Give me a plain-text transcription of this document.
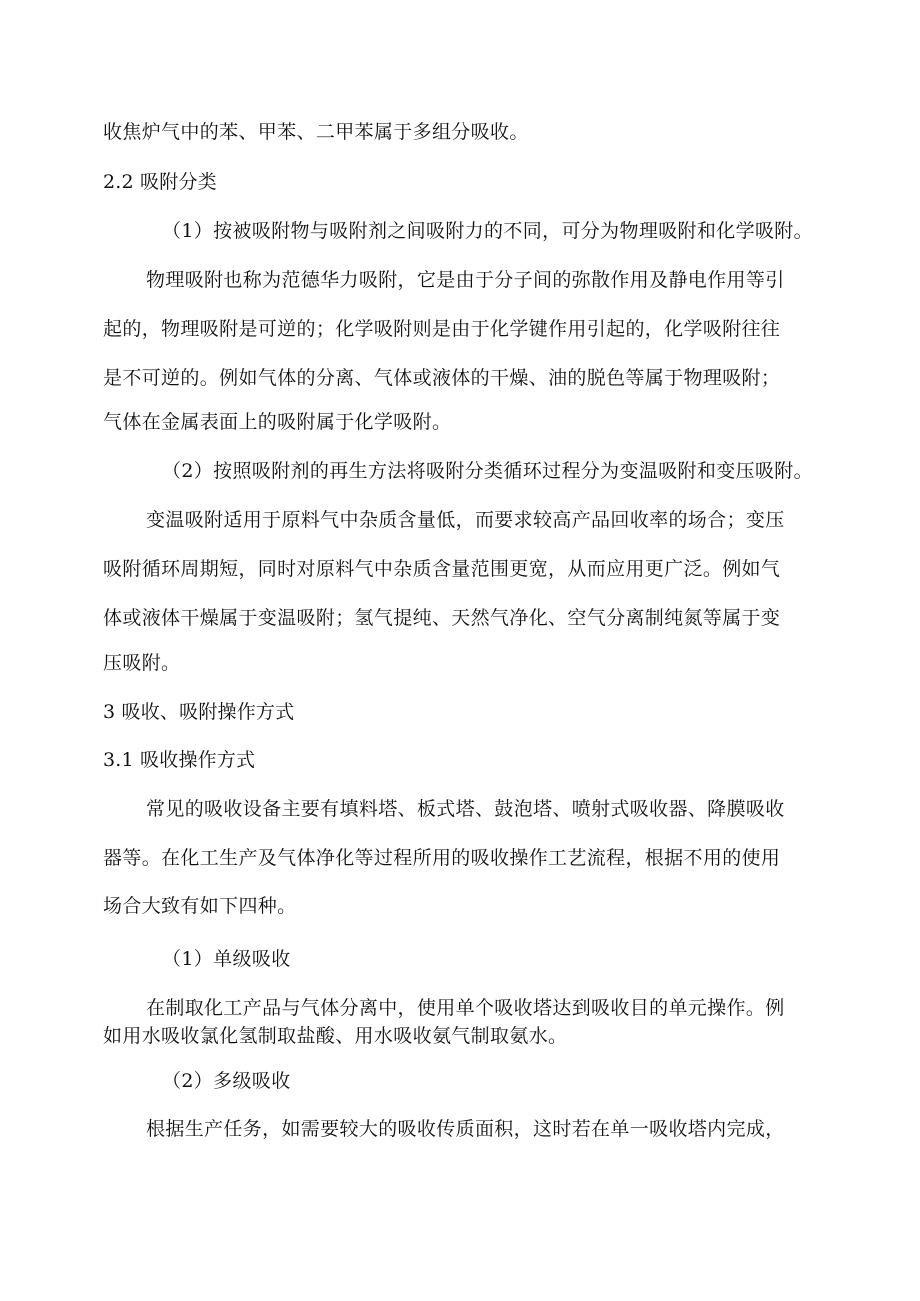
收焦炉气中的苯、甲苯、二甲苯属于多组分吸收。
2.2 吸附分类
（1）按被吸附物与吸附剂之间吸附力的不同，可分为物理吸附和化学吸附。
物理吸附也称为范德华力吸附，它是由于分子间的弥散作用及静电作用等引
起的，物理吸附是可逆的；化学吸附则是由于化学键作用引起的，化学吸附往往
是不可逆的。例如气体的分离、气体或液体的干燥、油的脱色等属于物理吸附；
气体在金属表面上的吸附属于化学吸附。
（2）按照吸附剂的再生方法将吸附分类循环过程分为变温吸附和变压吸附。
变温吸附适用于原料气中杂质含量低，而要求较高产品回收率的场合；变压
吸附循环周期短，同时对原料气中杂质含量范围更宽，从而应用更广泛。例如气
体或液体干燥属于变温吸附；氢气提纯、天然气净化、空气分离制纯氮等属于变
压吸附。
3 吸收、吸附操作方式
3.1 吸收操作方式
常见的吸收设备主要有填料塔、板式塔、鼓泡塔、喷射式吸收器、降膜吸收
器等。在化工生产及气体净化等过程所用的吸收操作工艺流程，根据不用的使用
场合大致有如下四种。
（1）单级吸收
在制取化工产品与气体分离中，使用单个吸收塔达到吸收目的单元操作。例
如用水吸收氯化氢制取盐酸、用水吸收氨气制取氨水。
（2）多级吸收
根据生产任务，如需要较大的吸收传质面积，这时若在单一吸收塔内完成，
